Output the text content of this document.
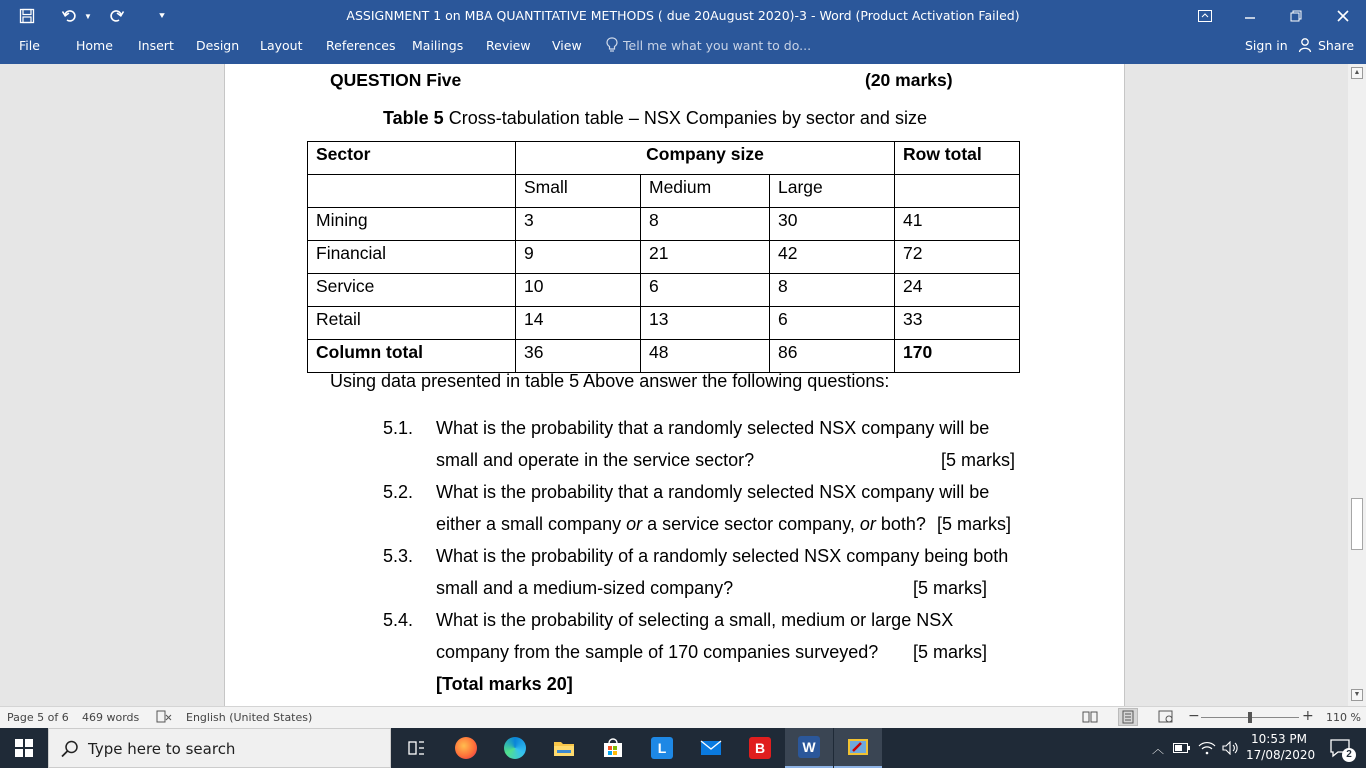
▼	⯆	ASSIGNMENT 1 on MBA QUANTITATIVE METHODS ( due 20August 2020)-3 - Word (Product Activation Failed)
File	Home Insert Design Layout References Mailings Review View	Tell me what you want to do...	Sign in Share
QUESTION Five	(20 marks)
Table 5 Cross-tabulation table – NSX Companies by sector and size
Sector	Company size			Row total
	Small	Medium	Large	
Mining	3	8	30	41
Financial	9	21	42	72
Service	10	6	8	24
Retail	14	13	6	33
Column total	36	48	86	170
Using data presented in table 5 Above answer the following questions:
5.1. What is the probability that a randomly selected NSX company will be
small and operate in the service sector?	[5 marks]
5.2. What is the probability that a randomly selected NSX company will be
either a small company or a service sector company, or both? [5 marks]
5.3. What is the probability of a randomly selected NSX company being both
small and a medium-sized company?	[5 marks]
5.4. What is the probability of selecting a small, medium or large NSX
company from the sample of 170 companies surveyed? [5 marks]
[Total marks 20]
▲
▼
Page 5 of 6 469 words	English (United States)	−	+ 110 %
Type here to search	L	B	W	︿
10:53 PM
17/08/2020	2
